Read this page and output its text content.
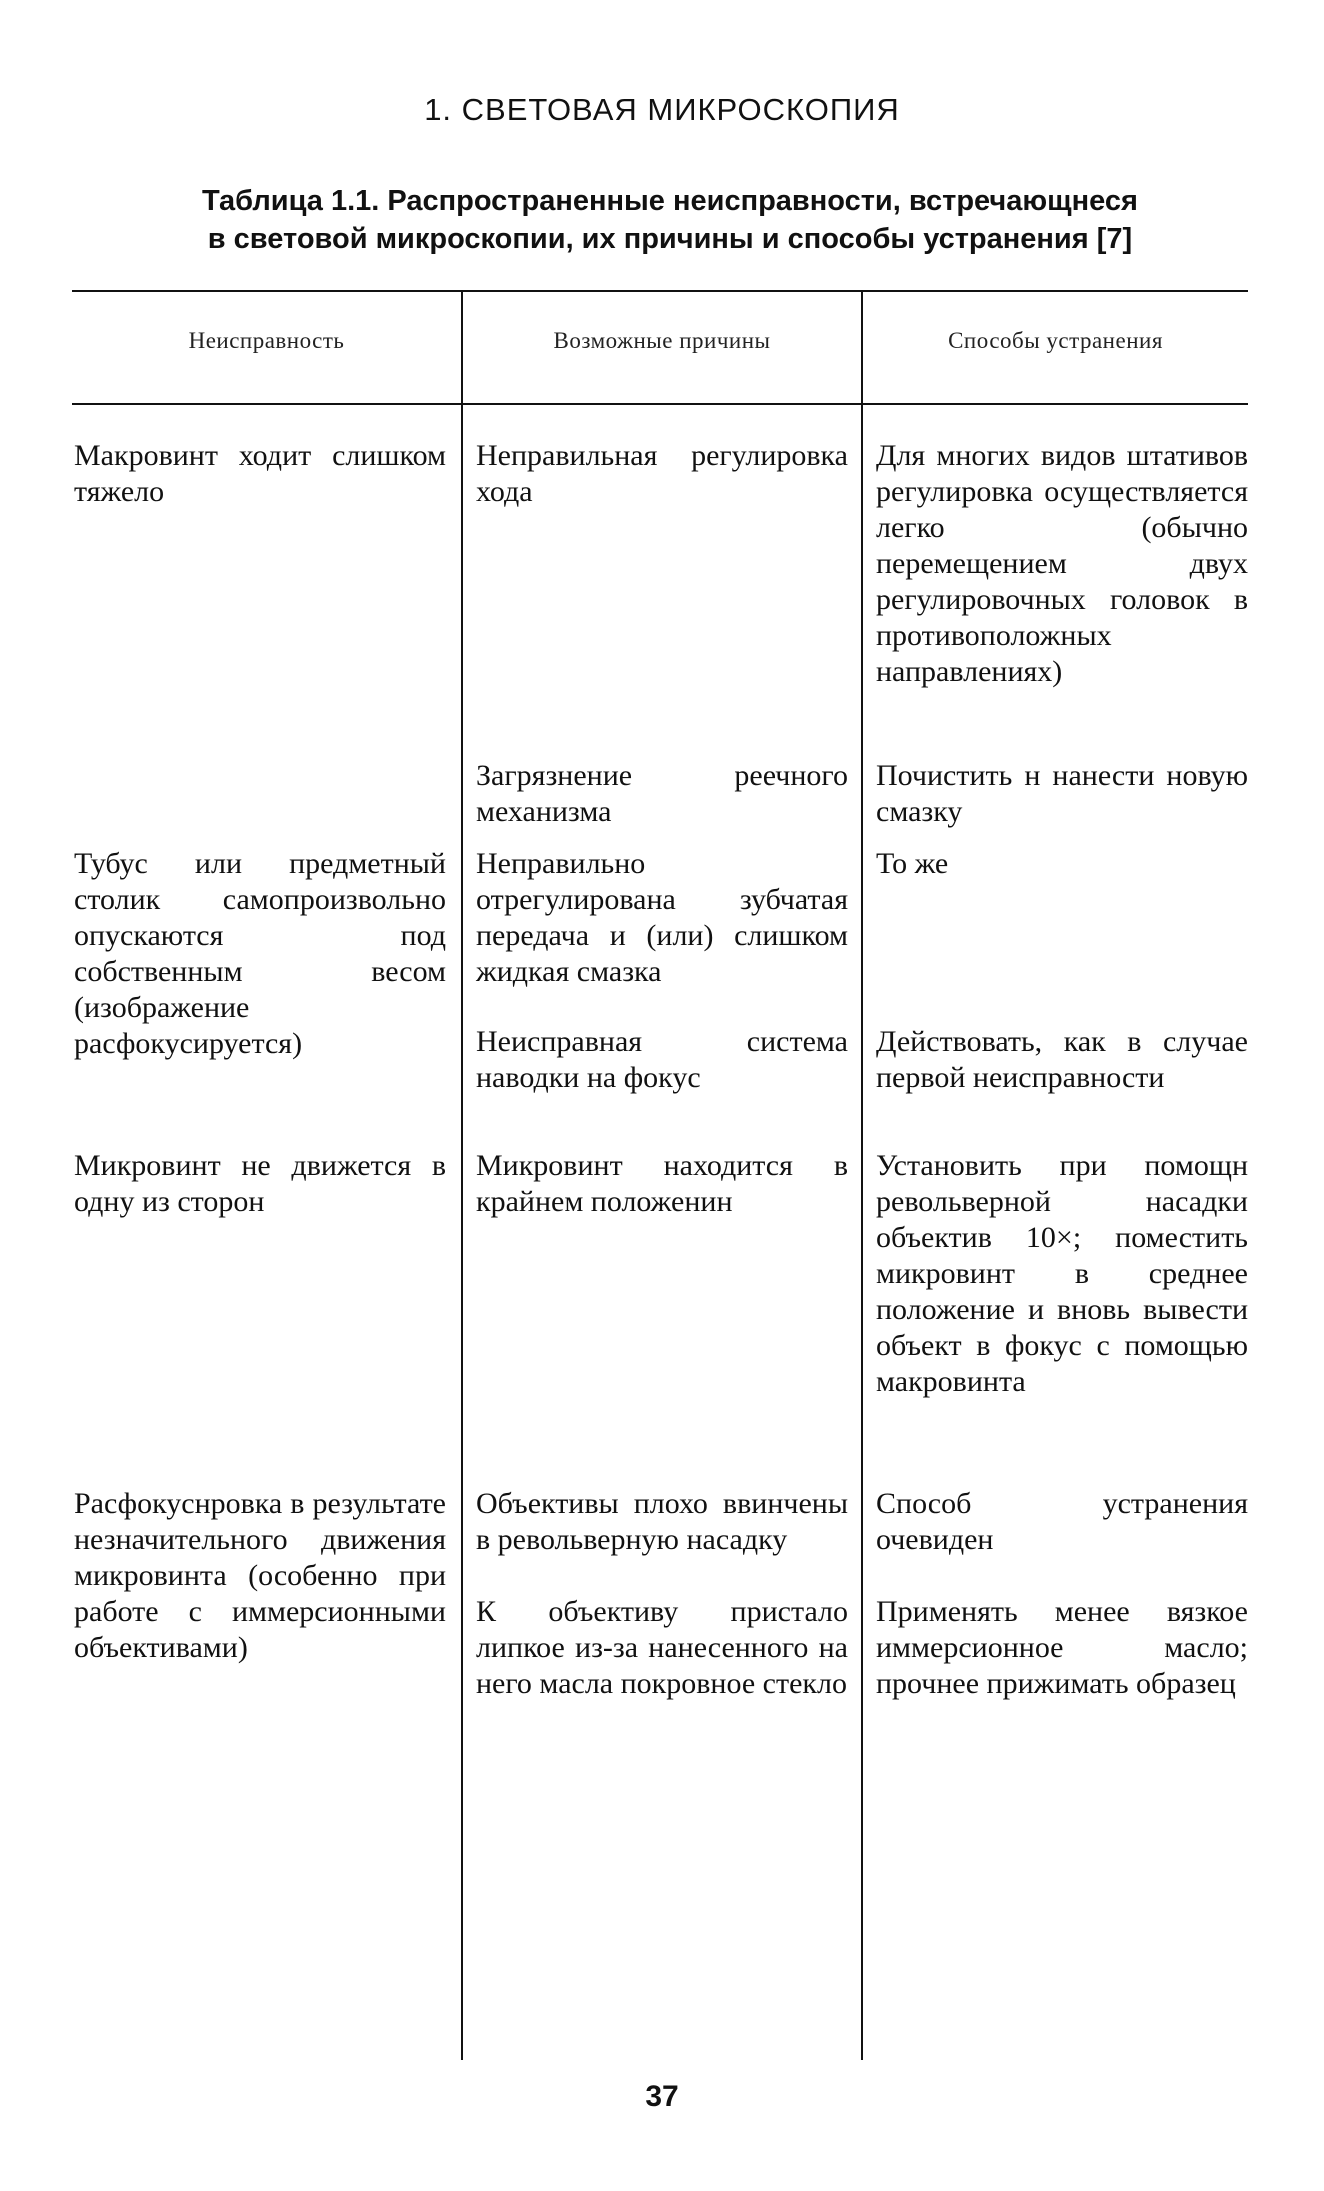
1. СВЕТОВАЯ МИКРОСКОПИЯ
Таблица 1.1. Распространенные неисправности, встречающнеся
в световой микроскопии, их причины и способы устранения [7]
Неисправность	Возможные причины	Способы устранения
Макровинт ходит слишком тяжело
Неправильная регулировка хода
Загрязнение реечного механизма
Для многих видов штативов регулировка осуществляется легко (обычно перемещением двух регулировочных головок в противоположных направлениях)
Почистить н нанести новую смазку
Тубус или предметный столик самопроизвольно опускаются под собственным весом (изображение расфокусируется)
Неправильно отрегулирована зубчатая передача и (или) слишком жидкая смазка
Неисправная система наводки на фокус
То же
Действовать, как в случае первой неисправности
Микровинт не движется в одну из сторон
Микровинт находится в крайнем положенин
Установить при помощн револьверной насадки объектив 10×; поместить микровинт в среднее положение и вновь вывести объект в фокус с помощью макровинта
Расфокуснровка в результате незначительного движения микровинта (особенно при работе с иммерсионными объективами)
Объективы плохо ввинчены в револьверную насадку
К объективу пристало липкое из-за нанесенного на него масла покровное стекло
Способ устранения очевиден
Применять менее вязкое иммерсионное масло; прочнее прижимать образец
37
